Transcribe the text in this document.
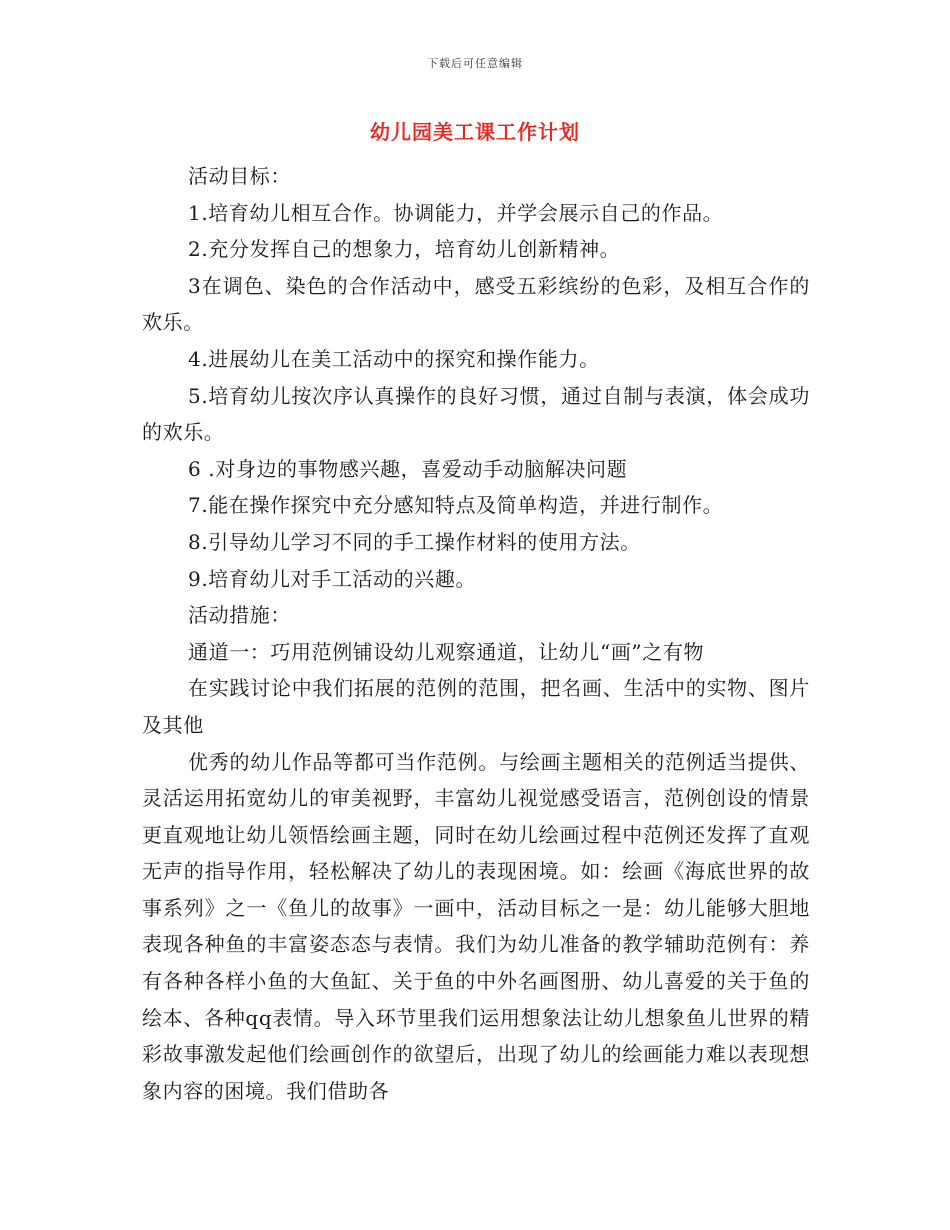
下载后可任意编辑
幼儿园美工课工作计划

活动目标：

1.培育幼儿相互合作。协调能力，并学会展示自己的作品。

2.充分发挥自己的想象力，培育幼儿创新精神。

3在调色、染色的合作活动中，感受五彩缤纷的色彩，及相互合作的欢乐。

4.进展幼儿在美工活动中的探究和操作能力。

5.培育幼儿按次序认真操作的良好习惯，通过自制与表演，体会成功的欢乐。

6 .对身边的事物感兴趣，喜爱动手动脑解决问题

7.能在操作探究中充分感知特点及简单构造，并进行制作。

8.引导幼儿学习不同的手工操作材料的使用方法。

9.培育幼儿对手工活动的兴趣。

活动措施：

通道一：巧用范例铺设幼儿观察通道，让幼儿“画”之有物

在实践讨论中我们拓展的范例的范围，把名画、生活中的实物、图片及其他

优秀的幼儿作品等都可当作范例。与绘画主题相关的范例适当提供、灵活运用拓宽幼儿的审美视野，丰富幼儿视觉感受语言，范例创设的情景更直观地让幼儿领悟绘画主题，同时在幼儿绘画过程中范例还发挥了直观无声的指导作用，轻松解决了幼儿的表现困境。如：绘画《海底世界的故事系列》之一《鱼儿的故事》一画中，活动目标之一是：幼儿能够大胆地表现各种鱼的丰富姿态态与表情。我们为幼儿准备的教学辅助范例有：养有各种各样小鱼的大鱼缸、关于鱼的中外名画图册、幼儿喜爱的关于鱼的绘本、各种qq表情。导入环节里我们运用想象法让幼儿想象鱼儿世界的精彩故事激发起他们绘画创作的欲望后，出现了幼儿的绘画能力难以表现想象内容的困境。我们借助各
